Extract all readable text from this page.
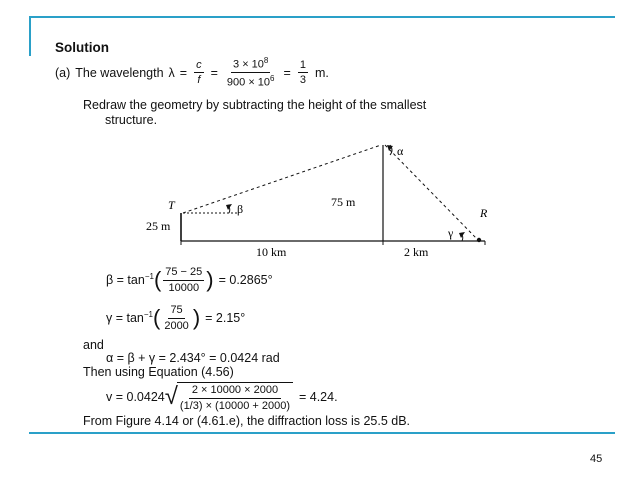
Solution
(a) The wavelength $\lambda = \frac{c}{f} = \frac{3 \times 10^8}{900 \times 10^6} = \frac{1}{3} m$.
Redraw the geometry by subtracting the height of the smallest
structure.
T
R
β
γ
α
25 m
75 m
10 km	2 km
$\beta = \tan^{-1}$ ( $\frac{75 - 25}{10000}$ ) = 0.2865°
$\gamma = \tan^{-1}$ ( $\frac{75}{2000}$ ) = 2.15°
and
α = β + γ = 2.434° = 0.0424 rad
Then using Equation (4.56)
v = 0.0424 √ $\frac{2 \times 10000 \times 2000}{(1/3) \times (10000 + 2000)} = 4.24$.
From Figure 4.14 or (4.61.e), the diffraction loss is 25.5 dB.
45
